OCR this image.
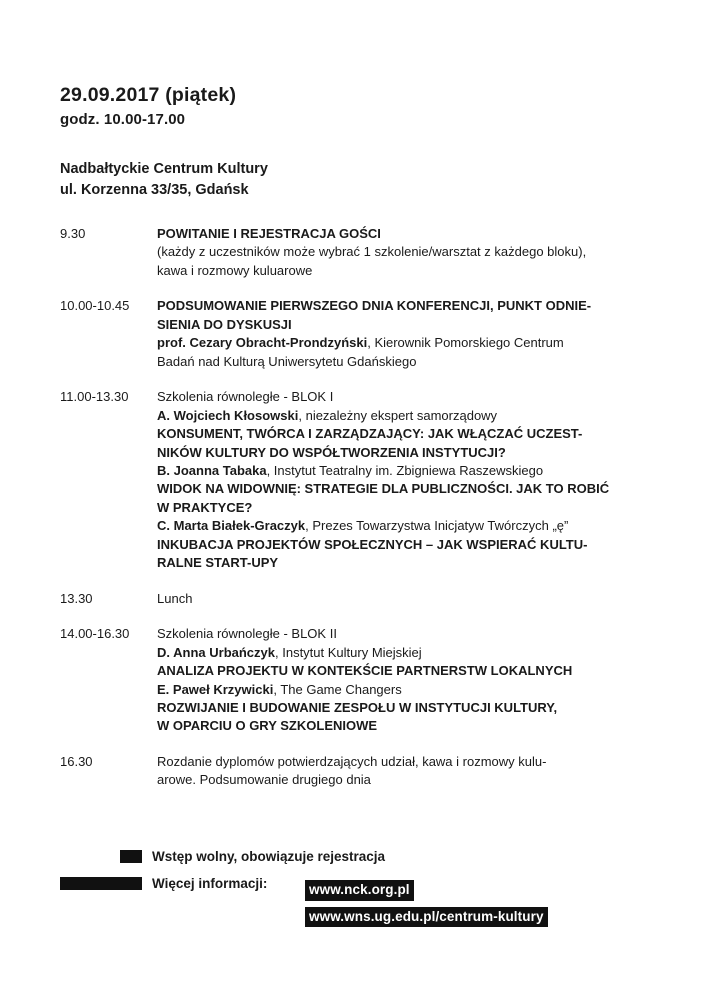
29.09.2017 (piątek)
godz. 10.00-17.00
Nadbałtyckie Centrum Kultury
ul. Korzenna 33/35, Gdańsk
9.30	POWITANIE I REJESTRACJA GOŚCI
(każdy z uczestników może wybrać 1 szkolenie/warsztat z każdego bloku),
kawa i rozmowy kuluarowe
10.00-10.45	PODSUMOWANIE PIERWSZEGO DNIA KONFERENCJI, PUNKT ODNIE-
SIENIA DO DYSKUSJI
prof. Cezary Obracht-Prondzyński, Kierownik Pomorskiego Centrum
Badań nad Kulturą Uniwersytetu Gdańskiego
11.00-13.30	Szkolenia równoległe - BLOK I
A. Wojciech Kłosowski, niezależny ekspert samorządowy
KONSUMENT, TWÓRCA I ZARZĄDZAJĄCY: JAK WŁĄCZAĆ UCZEST-
NIKÓW KULTURY DO WSPÓŁTWORZENIA INSTYTUCJI?
B. Joanna Tabaka, Instytut Teatralny im. Zbigniewa Raszewskiego
WIDOK NA WIDOWNIĘ: STRATEGIE DLA PUBLICZNOŚCI. JAK TO ROBIĆ
W PRAKTYCE?
C. Marta Białek-Graczyk, Prezes Towarzystwa Inicjatyw Twórczych „ę”
INKUBACJA PROJEKTÓW SPOŁECZNYCH – JAK WSPIERAĆ KULTU-
RALNE START-UPY
13.30	Lunch
14.00-16.30	Szkolenia równoległe - BLOK II
D. Anna Urbańczyk, Instytut Kultury Miejskiej
ANALIZA PROJEKTU W KONTEKŚCIE PARTNERSTW LOKALNYCH
E. Paweł Krzywicki, The Game Changers
ROZWIJANIE I BUDOWANIE ZESPOŁU W INSTYTUCJI KULTURY,
W OPARCIU O GRY SZKOLENIOWE
16.30	Rozdanie dyplomów potwierdzających udział, kawa i rozmowy kulu-
arowe. Podsumowanie drugiego dnia
Wstęp wolny, obowiązuje rejestracja
Więcej informacji:	www.nck.org.pl
www.wns.ug.edu.pl/centrum-kultury
